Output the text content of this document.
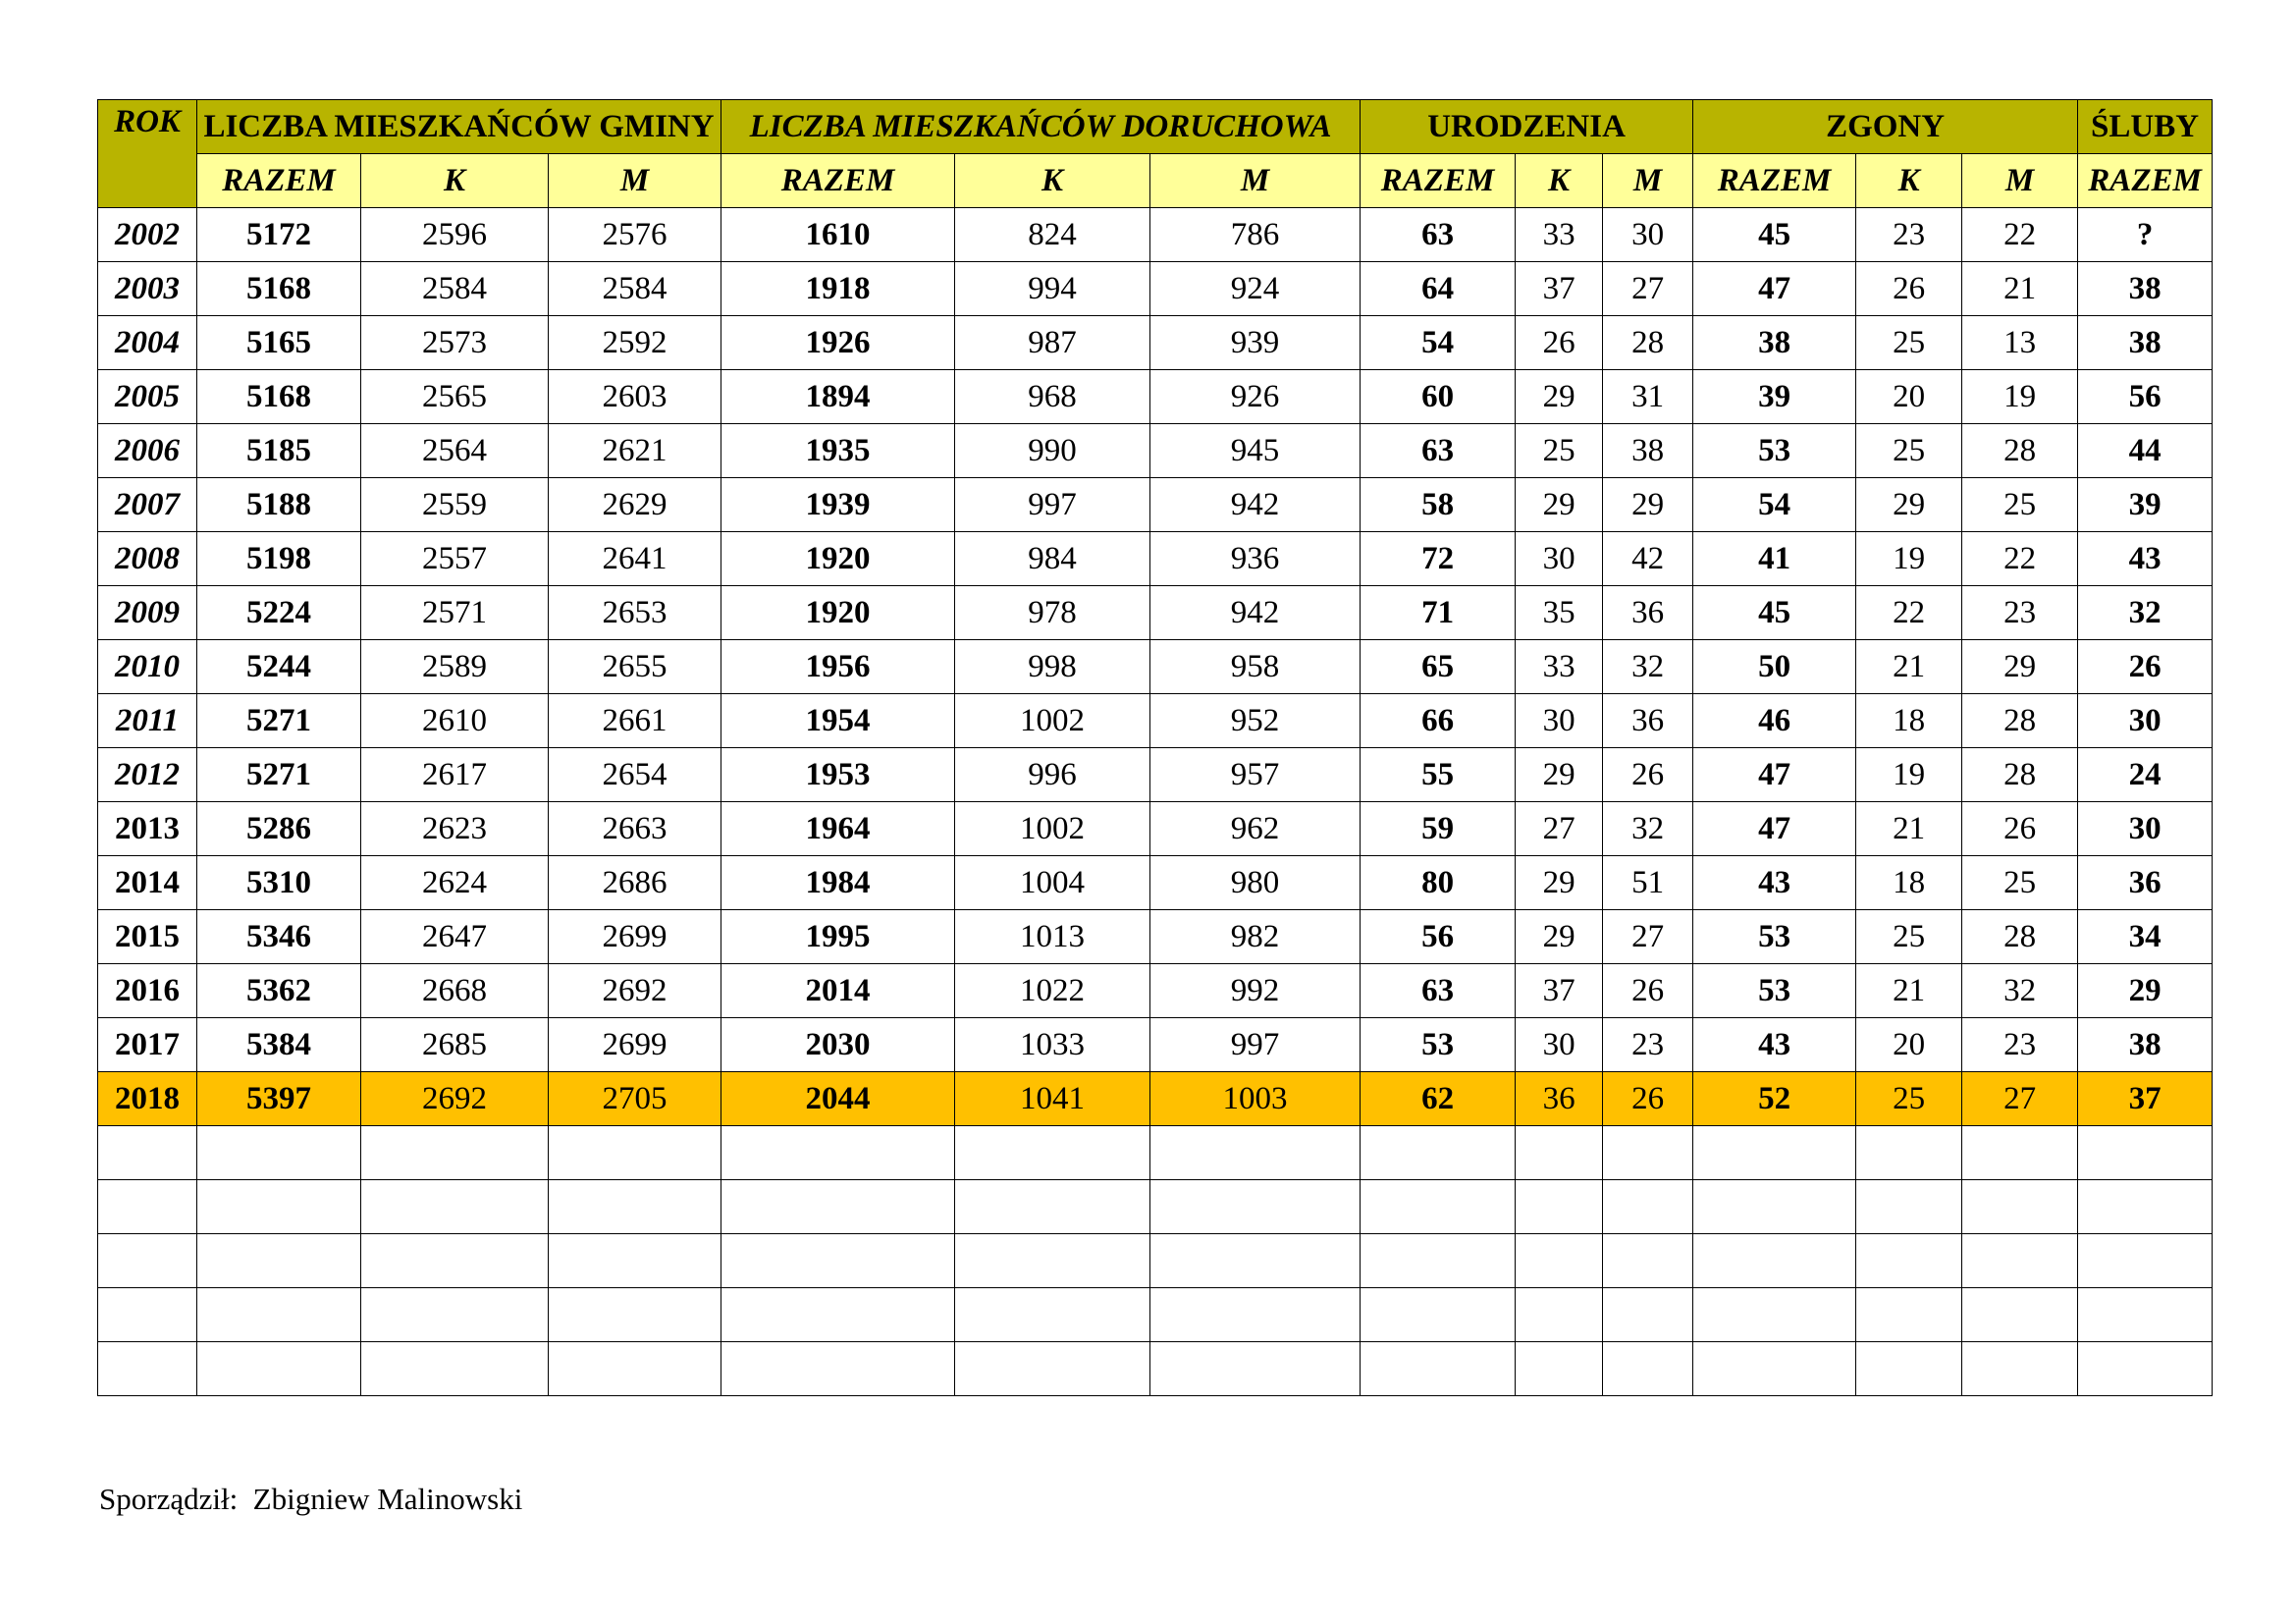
ROK	LICZBA MIESZKAŃCÓW GMINY			LICZBA MIESZKAŃCÓW DORUCHOWA			URODZENIA			ZGONY			ŚLUBY
	RAZEM	K	M	RAZEM	K	M	RAZEM	K	M	RAZEM	K	M	RAZEM
2002	5172	2596	2576	1610	824	786	63	33	30	45	23	22	?
2003	5168	2584	2584	1918	994	924	64	37	27	47	26	21	38
2004	5165	2573	2592	1926	987	939	54	26	28	38	25	13	38
2005	5168	2565	2603	1894	968	926	60	29	31	39	20	19	56
2006	5185	2564	2621	1935	990	945	63	25	38	53	25	28	44
2007	5188	2559	2629	1939	997	942	58	29	29	54	29	25	39
2008	5198	2557	2641	1920	984	936	72	30	42	41	19	22	43
2009	5224	2571	2653	1920	978	942	71	35	36	45	22	23	32
2010	5244	2589	2655	1956	998	958	65	33	32	50	21	29	26
2011	5271	2610	2661	1954	1002	952	66	30	36	46	18	28	30
2012	5271	2617	2654	1953	996	957	55	29	26	47	19	28	24
2013	5286	2623	2663	1964	1002	962	59	27	32	47	21	26	30
2014	5310	2624	2686	1984	1004	980	80	29	51	43	18	25	36
2015	5346	2647	2699	1995	1013	982	56	29	27	53	25	28	34
2016	5362	2668	2692	2014	1022	992	63	37	26	53	21	32	29
2017	5384	2685	2699	2030	1033	997	53	30	23	43	20	23	38
2018	5397	2692	2705	2044	1041	1003	62	36	26	52	25	27	37

Sporządził:  Zbigniew Malinowski
